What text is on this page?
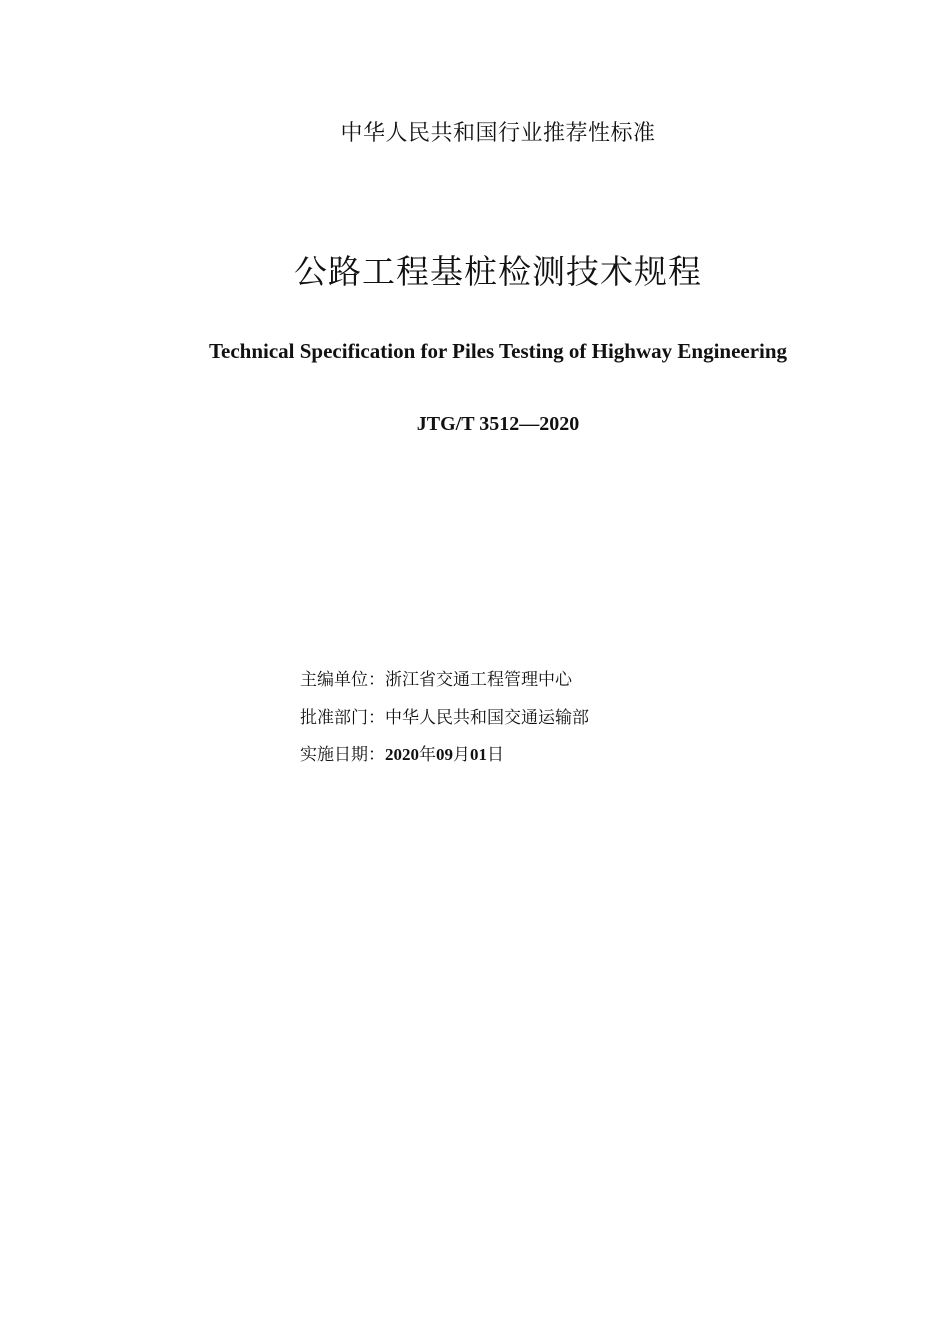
中华人民共和国行业推荐性标准
公路工程基桩检测技术规程
Technical Specification for Piles Testing of Highway Engineering
JTG/T 3512—2020
主编单位：浙江省交通工程管理中心
批准部门：中华人民共和国交通运输部
实施日期：2020年09月01日
